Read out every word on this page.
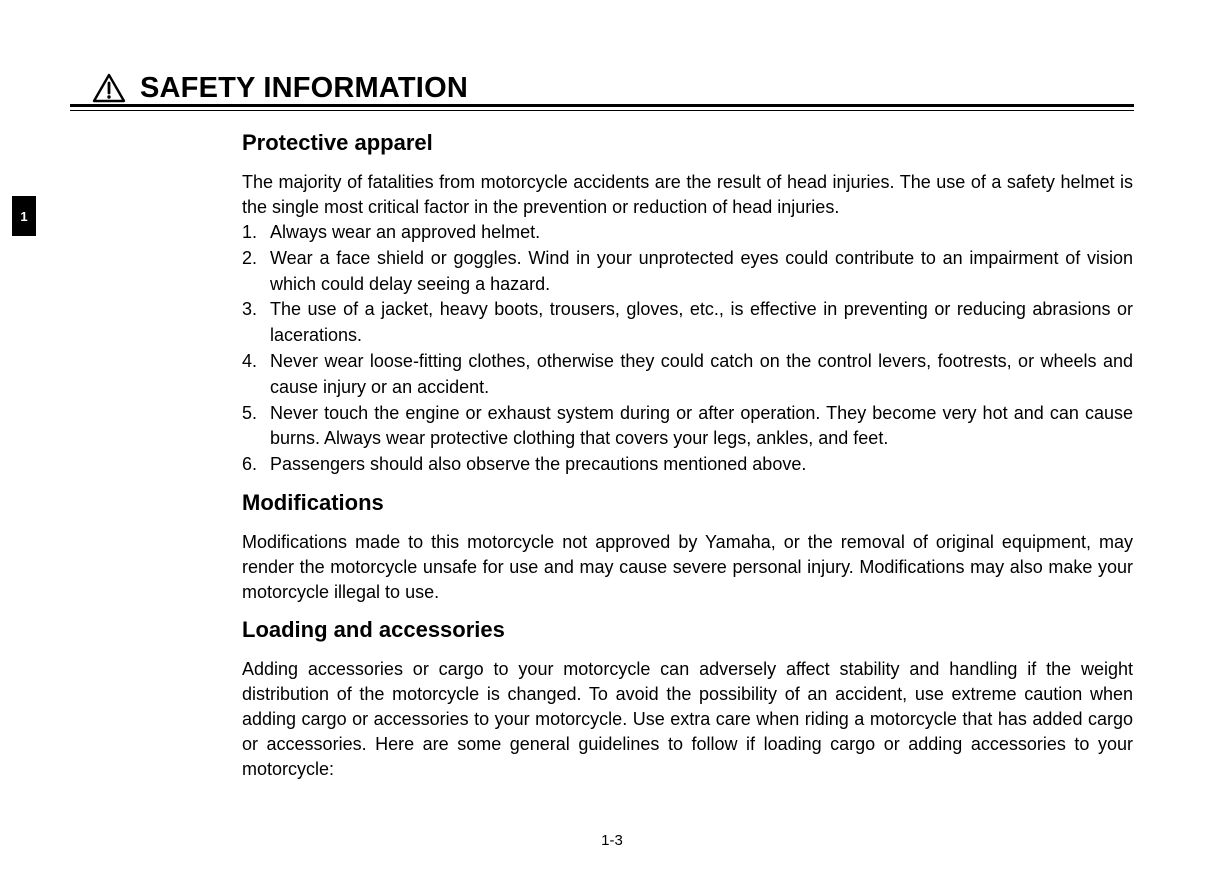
SAFETY INFORMATION
1
Protective apparel

The majority of fatalities from motorcycle accidents are the result of head injuries. The use of a safety helmet is the single most critical factor in the prevention or reduction of head injuries.

1. Always wear an approved helmet.
2. Wear a face shield or goggles. Wind in your unprotected eyes could contribute to an impairment of vision which could delay seeing a hazard.
3. The use of a jacket, heavy boots, trousers, gloves, etc., is effective in preventing or reducing abrasions or lacerations.
4. Never wear loose-fitting clothes, otherwise they could catch on the control levers, footrests, or wheels and cause injury or an accident.
5. Never touch the engine or exhaust system during or after operation. They become very hot and can cause burns. Always wear protective clothing that covers your legs, ankles, and feet.
6. Passengers should also observe the precautions mentioned above.
Modifications

Modifications made to this motorcycle not approved by Yamaha, or the removal of original equipment, may render the motorcycle unsafe for use and may cause severe personal injury. Modifications may also make your motorcycle illegal to use.

Loading and accessories

Adding accessories or cargo to your motorcycle can adversely affect stability and handling if the weight distribution of the motorcycle is changed. To avoid the possibility of an accident, use extreme caution when adding cargo or accessories to your motorcycle. Use extra care when riding a motorcycle that has added cargo or accessories. Here are some general guidelines to follow if loading cargo or adding accessories to your motorcycle:

1-3
